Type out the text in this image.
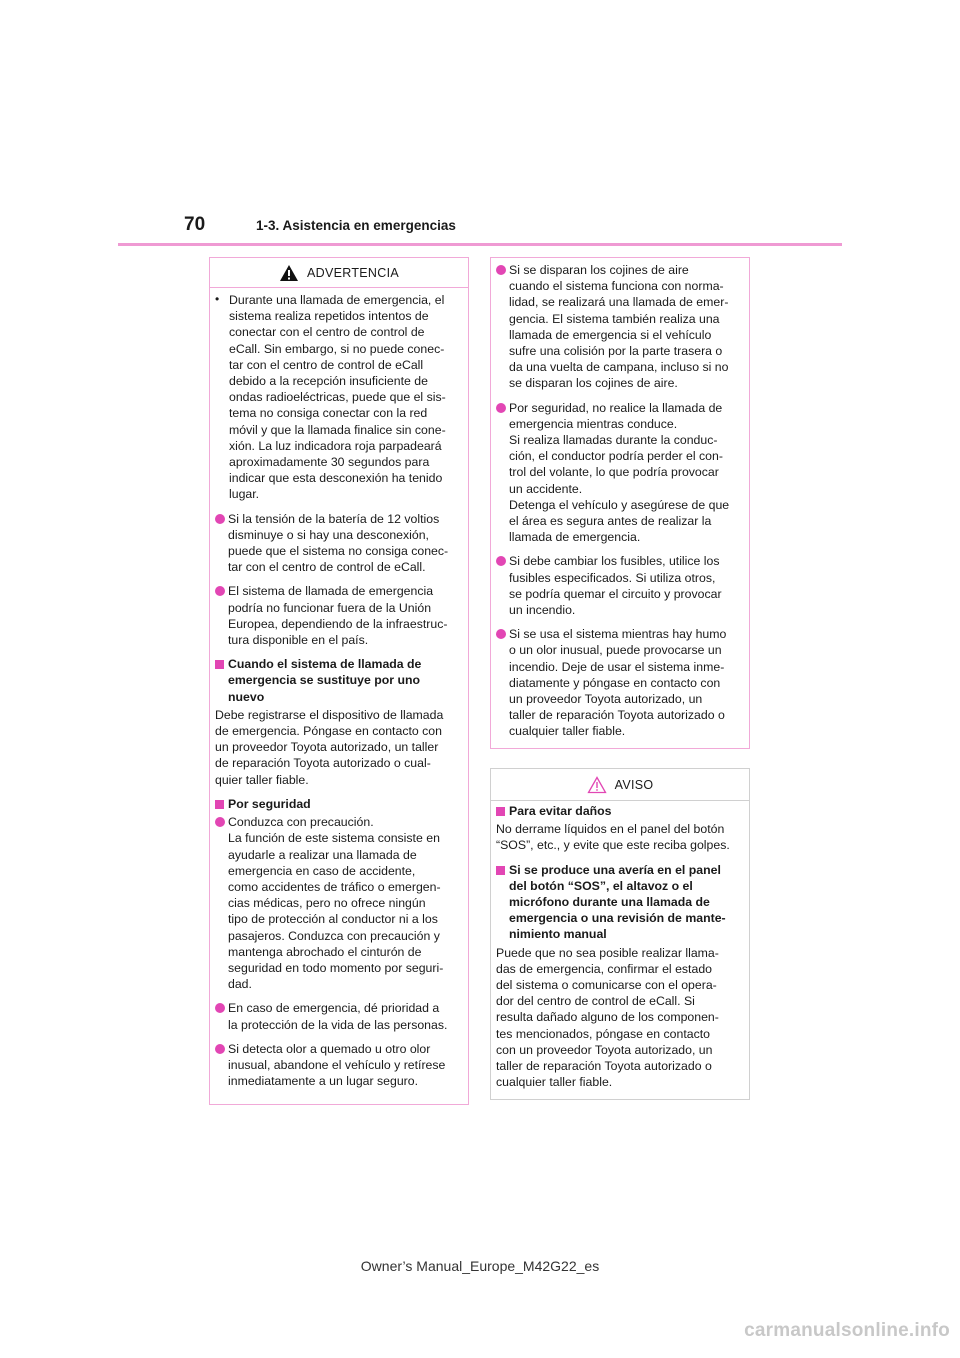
70	1-3. Asistencia en emergencias
ADVERTENCIA
• Durante una llamada de emergencia, el
sistema realiza repetidos intentos de
conectar con el centro de control de
eCall. Sin embargo, si no puede conec-
tar con el centro de control de eCall
debido a la recepción insuficiente de
ondas radioeléctricas, puede que el sis-
tema no consiga conectar con la red
móvil y que la llamada finalice sin cone-
xión. La luz indicadora roja parpadeará
aproximadamente 30 segundos para
indicar que esta desconexión ha tenido
lugar.
Si la tensión de la batería de 12 voltios
disminuye o si hay una desconexión,
puede que el sistema no consiga conec-
tar con el centro de control de eCall.
El sistema de llamada de emergencia
podría no funcionar fuera de la Unión
Europea, dependiendo de la infraestruc-
tura disponible en el país.
Cuando el sistema de llamada de
emergencia se sustituye por uno
nuevo

Debe registrarse el dispositivo de llamada
de emergencia. Póngase en contacto con
un proveedor Toyota autorizado, un taller
de reparación Toyota autorizado o cual-
quier taller fiable.

Por seguridad
Conduzca con precaución.
La función de este sistema consiste en
ayudarle a realizar una llamada de
emergencia en caso de accidente,
como accidentes de tráfico o emergen-
cias médicas, pero no ofrece ningún
tipo de protección al conductor ni a los
pasajeros. Conduzca con precaución y
mantenga abrochado el cinturón de
seguridad en todo momento por seguri-
dad.
En caso de emergencia, dé prioridad a
la protección de la vida de las personas.
Si detecta olor a quemado u otro olor
inusual, abandone el vehículo y retírese
inmediatamente a un lugar seguro.
Si se disparan los cojines de aire
cuando el sistema funciona con norma-
lidad, se realizará una llamada de emer-
gencia. El sistema también realiza una
llamada de emergencia si el vehículo
sufre una colisión por la parte trasera o
da una vuelta de campana, incluso si no
se disparan los cojines de aire.
Por seguridad, no realice la llamada de
emergencia mientras conduce.
Si realiza llamadas durante la conduc-
ción, el conductor podría perder el con-
trol del volante, lo que podría provocar
un accidente.
Detenga el vehículo y asegúrese de que
el área es segura antes de realizar la
llamada de emergencia.
Si debe cambiar los fusibles, utilice los
fusibles especificados. Si utiliza otros,
se podría quemar el circuito y provocar
un incendio.
Si se usa el sistema mientras hay humo
o un olor inusual, puede provocarse un
incendio. Deje de usar el sistema inme-
diatamente y póngase en contacto con
un proveedor Toyota autorizado, un
taller de reparación Toyota autorizado o
cualquier taller fiable.
AVISO
Para evitar daños

No derrame líquidos en el panel del botón
“SOS”, etc., y evite que este reciba golpes.

Si se produce una avería en el panel
del botón “SOS”, el altavoz o el
micrófono durante una llamada de
emergencia o una revisión de mante-
nimiento manual

Puede que no sea posible realizar llama-
das de emergencia, confirmar el estado
del sistema o comunicarse con el opera-
dor del centro de control de eCall. Si
resulta dañado alguno de los componen-
tes mencionados, póngase en contacto
con un proveedor Toyota autorizado, un
taller de reparación Toyota autorizado o
cualquier taller fiable.

Owner’s Manual_Europe_M42G22_es
carmanualsonline.info
